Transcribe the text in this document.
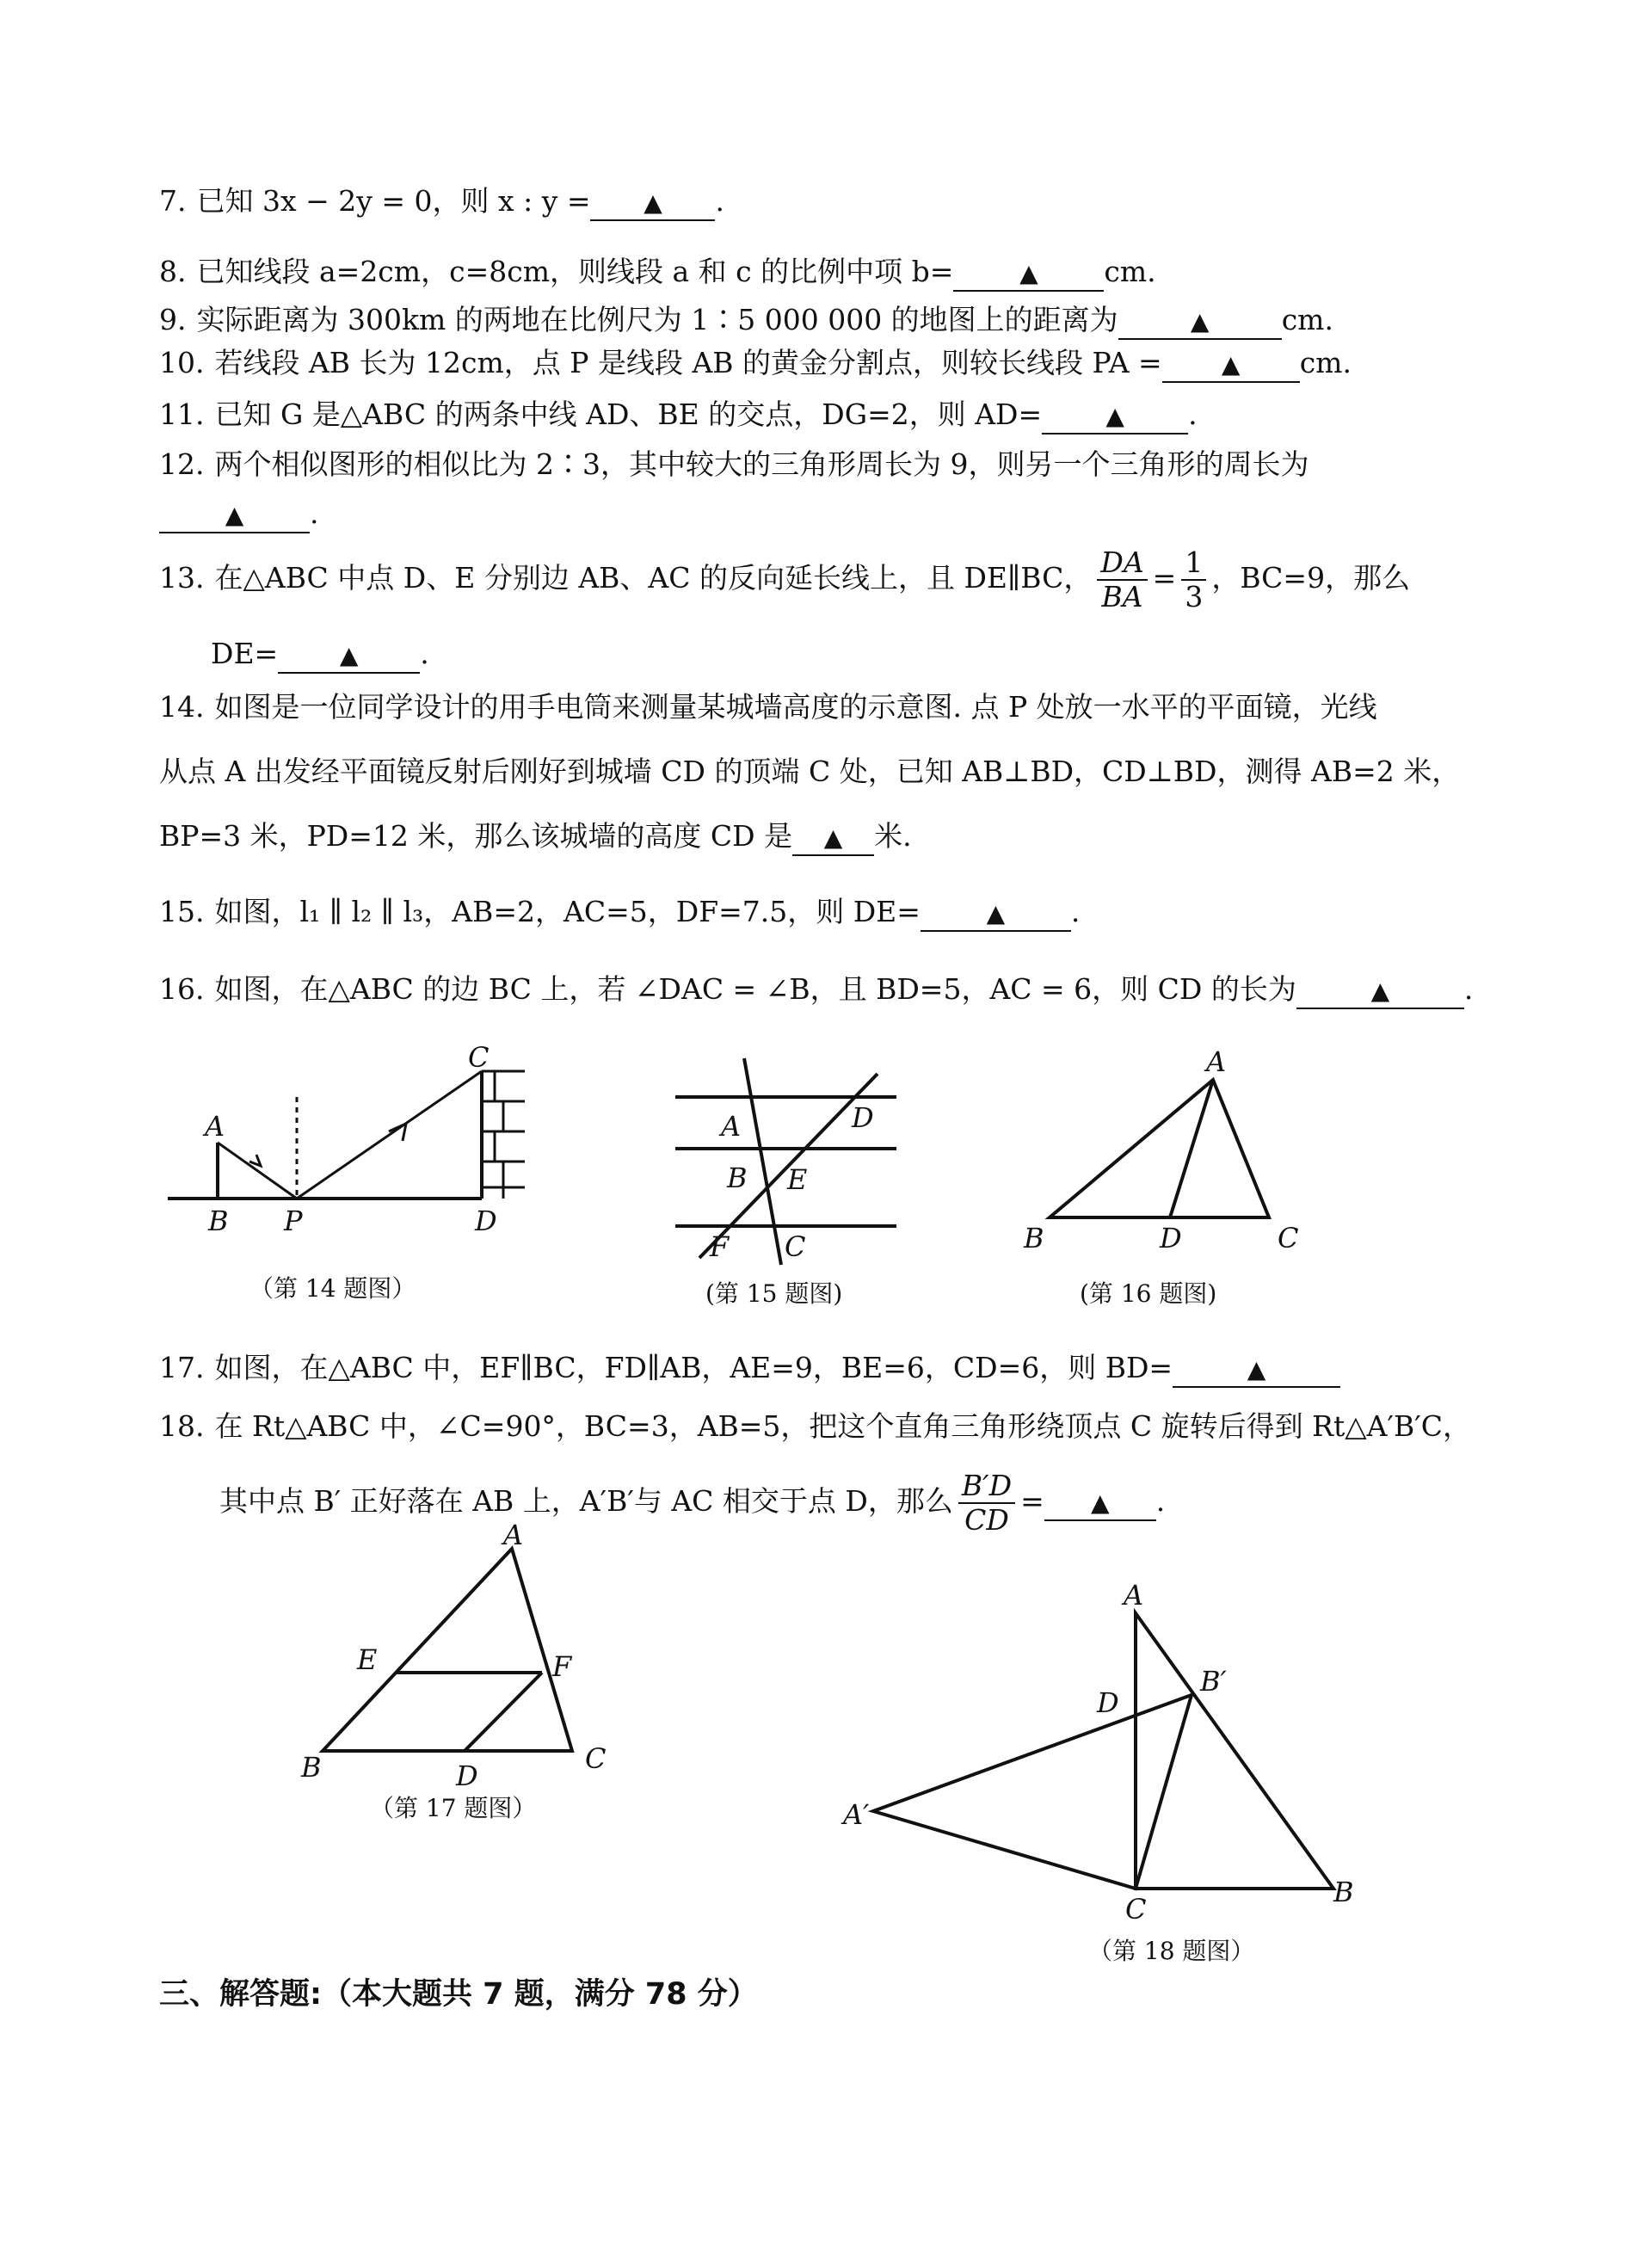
7. 已知 3x − 2y = 0，则 x : y = ▲ .
8. 已知线段 a=2cm，c=8cm，则线段 a 和 c 的比例中项 b=	▲ cm.
9. 实际距离为 300km 的两地在比例尺为 1∶5 000 000 的地图上的距离为	▲	cm.
10. 若线段 AB 长为 12cm，点 P 是线段 AB 的黄金分割点，则较长线段 PA = ▲ cm.
11. 已知 G 是△ABC 的两条中线 AD、BE 的交点，DG=2，则 AD=	▲ .
12. 两个相似图形的相似比为 2∶3，其中较大的三角形周长为 9，则另一个三角形的周长为
▲ .
13. 在△ABC 中点 D、E 分别边 AB、AC 的反向延长线上，且 DE∥BC， $\frac{DA}{BA} = \frac{1}{3}$ ，BC=9，那么
DE=	▲ .
14. 如图是一位同学设计的用手电筒来测量某城墙高度的示意图. 点 P 处放一水平的平面镜，光线
从点 A 出发经平面镜反射后刚好到城墙 CD 的顶端 C 处，已知 AB⊥BD，CD⊥BD，测得 AB=2 米，
BP=3 米，PD=12 米，那么该城墙的高度 CD 是 ▲ 米.
15. 如图，l₁ ∥ l₂ ∥ l₃，AB=2，AC=5，DF=7.5，则 DE=	▲ .
16. 如图，在△ABC 的边 BC 上，若 ∠DAC = ∠B，且 BD=5，AC = 6，则 CD 的长为	▲	.
A
B P
C
D
（第 14 题图）
A	D
B E
F C
(第 15 题图)
A
B	D	C
(第 16 题图)
17. 如图，在△ABC 中，EF∥BC，FD∥AB，AE=9，BE=6，CD=6，则 BD=	▲
18. 在 Rt△ABC 中，∠C=90°，BC=3，AB=5，把这个直角三角形绕顶点 C 旋转后得到 Rt△A′B′C，
其中点 B′ 正好落在 AB 上，A′B′与 AC 相交于点 D，那么 $\frac{B'D}{CD}$ = ▲ .
A
E	F
B	D
C
（第 17 题图）
A
B′
D
A′
C
B
（第 18 题图）
三、解答题:（本大题共 7 题，满分 78 分）
